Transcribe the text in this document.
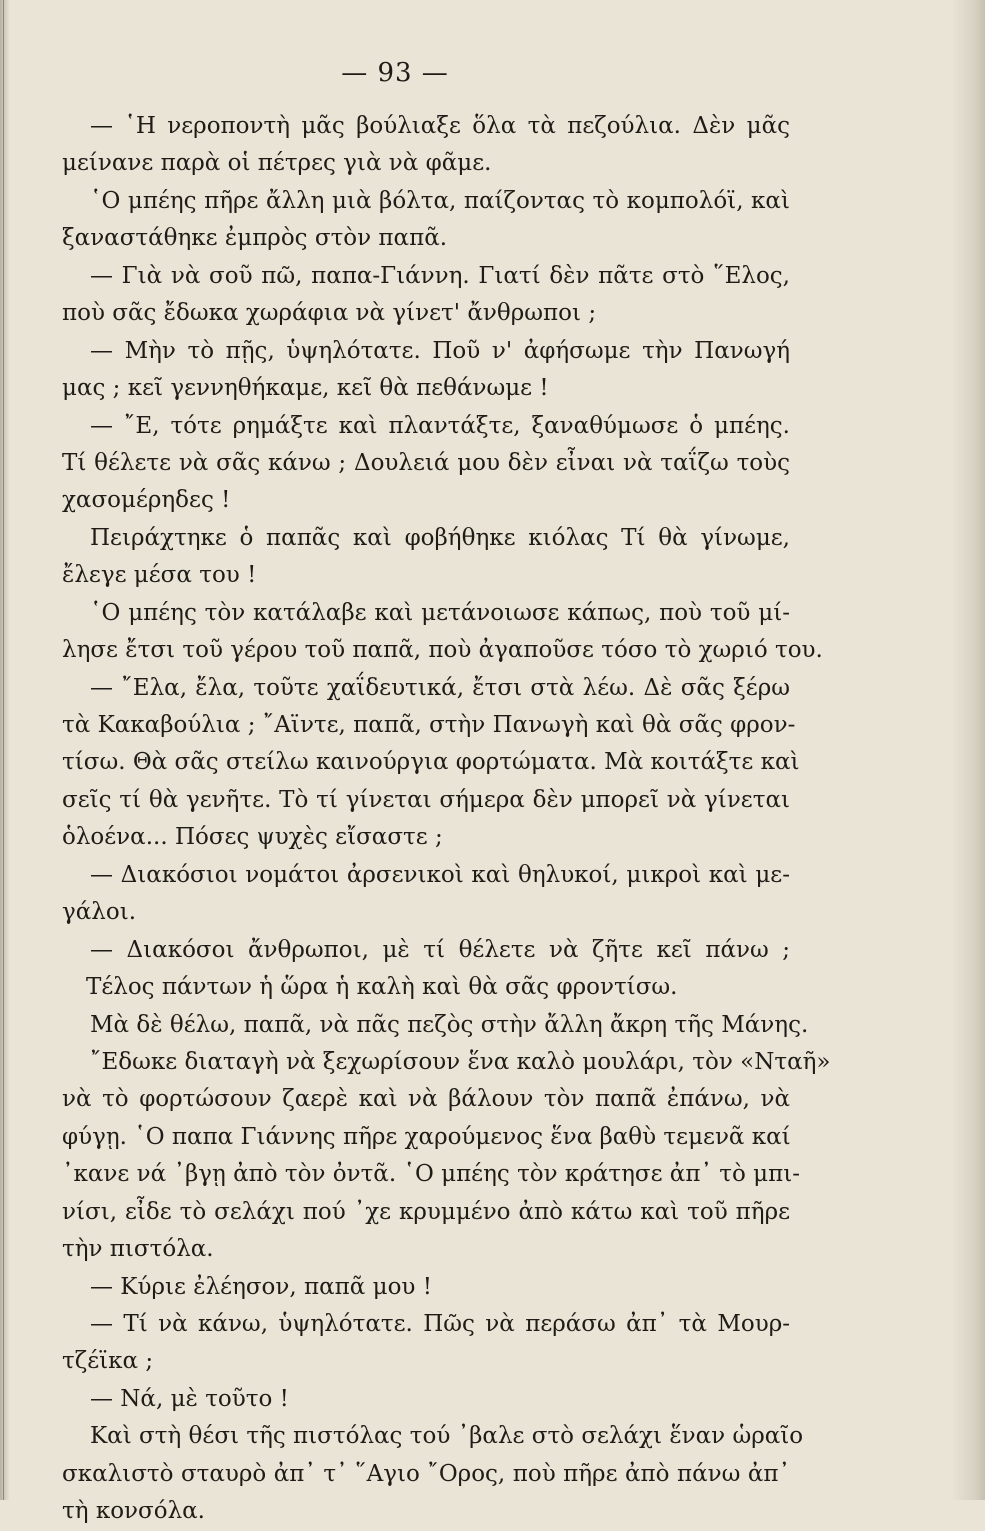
— 93 —
— ῾Η νεροποντὴ μᾶς βούλιαξε ὅλα τὰ πεζούλια. Δὲν μᾶς
μείνανε παρὰ οἱ πέτρες γιὰ νὰ φᾶμε.
῾Ο μπέης πῆρε ἄλλη μιὰ βόλτα, παίζοντας τὸ κομπολόϊ, καὶ
ξαναστάθηκε ἐμπρὸς στὸν παπᾶ.
— Γιὰ νὰ σοῦ πῶ, παπα-Γιάννη. Γιατί δὲν πᾶτε στὸ ῞Ελος,
ποὺ σᾶς ἔδωκα χωράφια νὰ γίνετ' ἄνθρωποι ;
— Μὴν τὸ πῇς, ὑψηλότατε. Ποῦ ν' ἀφήσωμε τὴν Πανωγή
μας ; κεῖ γεννηθήκαμε, κεῖ θὰ πεθάνωμε !
— ῎Ε, τότε ρημάξτε καὶ πλαντάξτε, ξαναθύμωσε ὁ μπέης.
Τί θέλετε νὰ σᾶς κάνω ; Δουλειά μου δὲν εἶναι νὰ ταΐζω τοὺς
χασομέρηδες !
Πειράχτηκε ὁ παπᾶς καὶ φοβήθηκε κιόλας Τί θὰ γίνωμε,
ἔλεγε μέσα του !
῾Ο μπέης τὸν κατάλαβε καὶ μετάνοιωσε κάπως, ποὺ τοῦ μί-
λησε ἔτσι τοῦ γέρου τοῦ παπᾶ, ποὺ ἀγαποῦσε τόσο τὸ χωριό του.
— ῎Ελα, ἔλα, τοῦτε χαΐδευτικά, ἔτσι στὰ λέω. Δὲ σᾶς ξέρω
τὰ Κακαβούλια ; ῎Αϊντε, παπᾶ, στὴν Πανωγὴ καὶ θὰ σᾶς φρον-
τίσω. Θὰ σᾶς στείλω καινούργια φορτώματα. Μὰ κοιτάξτε καὶ
σεῖς τί θὰ γενῆτε. Τὸ τί γίνεται σήμερα δὲν μπορεῖ νὰ γίνεται
ὁλοένα... Πόσες ψυχὲς εἴσαστε ;
— Διακόσιοι νομάτοι ἀρσενικοὶ καὶ θηλυκοί, μικροὶ καὶ με-
γάλοι.
— Διακόσοι ἄνθρωποι, μὲ τί θέλετε νὰ ζῆτε κεῖ πάνω ;
Τέλος πάντων ἡ ὥρα ἡ καλὴ καὶ θὰ σᾶς φροντίσω.
Μὰ δὲ θέλω, παπᾶ, νὰ πᾶς πεζὸς στὴν ἄλλη ἄκρη τῆς Μάνης.
῎Εδωκε διαταγὴ νὰ ξεχωρίσουν ἕνα καλὸ μουλάρι, τὸν «Νταῆ»
νὰ τὸ φορτώσουν ζαερὲ καὶ νὰ βάλουν τὸν παπᾶ ἐπάνω, νὰ
φύγῃ. ῾Ο παπα Γιάννης πῆρε χαρούμενος ἕνα βαθὺ τεμενᾶ καί
᾽κανε νά ᾽βγῃ ἀπὸ τὸν ὀντᾶ. ῾Ο μπέης τὸν κράτησε ἀπ᾽ τὸ μπι-
νίσι, εἶδε τὸ σελάχι πού ᾽χε κρυμμένο ἀπὸ κάτω καὶ τοῦ πῆρε
τὴν πιστόλα.
— Κύριε ἐλέησον, παπᾶ μου !
— Τί νὰ κάνω, ὑψηλότατε. Πῶς νὰ περάσω ἀπ᾽ τὰ Μουρ-
τζέϊκα ;
— Νά, μὲ τοῦτο !
Καὶ στὴ θέσι τῆς πιστόλας τού ᾽βαλε στὸ σελάχι ἕναν ὡραῖο
σκαλιστὸ σταυρὸ ἀπ᾽ τ᾽ ῞Αγιο ῎Ορος, ποὺ πῆρε ἀπὸ πάνω ἀπ᾽
τὴ κονσόλα.
